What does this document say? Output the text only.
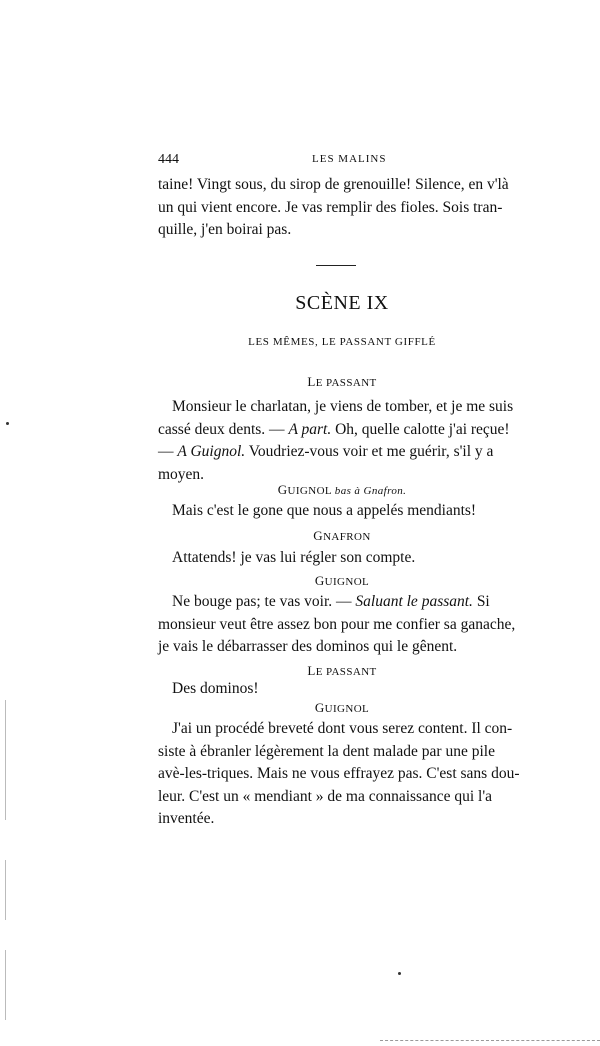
444	LES MALINS
taine! Vingt sous, du sirop de grenouille! Silence, en v'là
un qui vient encore. Je vas remplir des fioles. Sois tran-
quille, j'en boirai pas.
SCÈNE IX
LES MÊMES, LE PASSANT GIFFLÉ
LE PASSANT
Monsieur le charlatan, je viens de tomber, et je me suis
cassé deux dents. — A part. Oh, quelle calotte j'ai reçue!
— A Guignol. Voudriez-vous voir et me guérir, s'il y a
moyen.
GUIGNOL bas à Gnafron.
Mais c'est le gone que nous a appelés mendiants!
GNAFRON
Attatends! je vas lui régler son compte.
GUIGNOL
Ne bouge pas; te vas voir. — Saluant le passant. Si
monsieur veut être assez bon pour me confier sa ganache,
je vais le débarrasser des dominos qui le gênent.
LE PASSANT
Des dominos!
GUIGNOL
J'ai un procédé breveté dont vous serez content. Il con-
siste à ébranler légèrement la dent malade par une pile
avè-les-triques. Mais ne vous effrayez pas. C'est sans dou-
leur. C'est un « mendiant » de ma connaissance qui l'a
inventée.
